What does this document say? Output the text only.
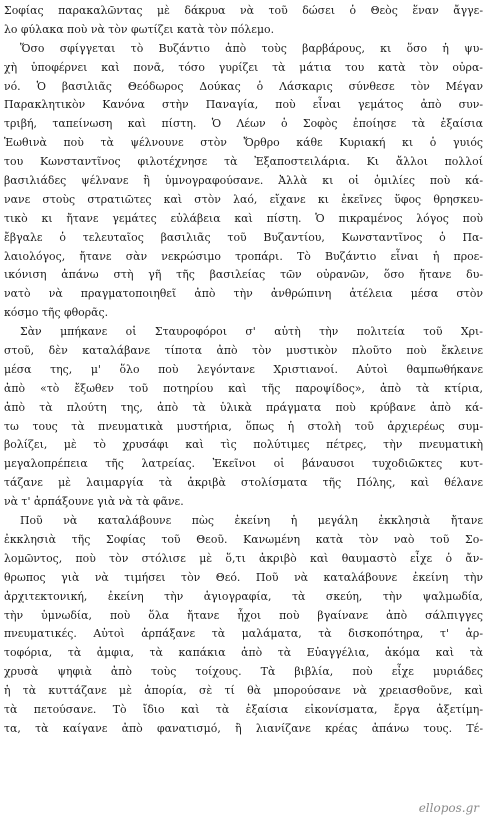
Σοφίας παρακαλῶντας μὲ δάκρυα νὰ τοῦ δώσει ὁ Θεὸς ἕναν ἄγγε-
λο φύλακα ποὺ νὰ τὸν φωτίζει κατὰ τὸν πόλεμο.
Ὅσο σφίγγεται τὸ Βυζάντιο ἀπὸ τοὺς βαρβάρους, κι ὅσο ἡ ψυ-
χὴ ὑποφέρνει καὶ πονᾶ, τόσο γυρίζει τὰ μάτια του κατὰ τὸν οὐρα-
νό. Ὁ βασιλιᾶς Θεόδωρος Δούκας ὁ Λάσκαρις σύνθεσε τὸν Μέγαν
Παρακλητικὸν Κανόνα στὴν Παναγία, ποὺ εἶναι γεμάτος ἀπὸ συν-
τριβή, ταπείνωση καὶ πίστη. Ὁ Λέων ὁ Σοφὸς ἐποίησε τὰ ἐξαίσια
Ἑωθινὰ ποὺ τὰ ψέλνουνε στὸν Ὄρθρο κάθε Κυριακή κι ὁ γυιός
του Κωνσταντῖνος φιλοτέχνησε τὰ Ἐξαποστειλάρια. Κι ἄλλοι πολλοί
βασιλιάδες ψέλνανε ἢ ὑμνογραφούσανε. Ἀλλὰ κι οἱ ὁμιλίες ποὺ κά-
νανε στοὺς στρατιῶτες καὶ στὸν λαό, εἴχανε κι ἐκεῖνες ὕφος θρησκευ-
τικὸ κι ἤτανε γεμάτες εὐλάβεια καὶ πίστη. Ὁ πικραμένος λόγος ποὺ
ἔβγαλε ὁ τελευταῖος βασιλιᾶς τοῦ Βυζαντίου, Κωνσταντῖνος ὁ Πα-
λαιολόγος, ἤτανε σὰν νεκρώσιμο τροπάρι. Τὸ Βυζάντιο εἶναι ἡ προε-
ικόνιση ἀπάνω στὴ γῆ τῆς βασιλείας τῶν οὐρανῶν, ὅσο ἤτανε δυ-
νατὸ νὰ πραγματοποιηθεῖ ἀπὸ τὴν ἀνθρώπινη ἀτέλεια μέσα στὸν
κόσμο τῆς φθορᾶς.
Σὰν μπήκανε οἱ Σταυροφόροι σ' αὐτὴ τὴν πολιτεία τοῦ Χρι-
στοῦ, δὲν καταλάβανε τίποτα ἀπὸ τὸν μυστικὸν πλοῦτο ποὺ ἔκλεινε
μέσα της, μ' ὅλο ποὺ λεγόντανε Χριστιανοί. Αὐτοὶ θαμπωθήκανε
ἀπὸ «τὸ ἔξωθεν τοῦ ποτηρίου καὶ τῆς παροψίδος», ἀπὸ τὰ κτίρια,
ἀπὸ τὰ πλούτη της, ἀπὸ τὰ ὑλικὰ πράγματα ποὺ κρύβανε ἀπὸ κά-
τω τους τὰ πνευματικὰ μυστήρια, ὅπως ἡ στολὴ τοῦ ἀρχιερέως συμ-
βολίζει, μὲ τὸ χρυσάφι καὶ τὶς πολύτιμες πέτρες, τὴν πνευματικὴ
μεγαλοπρέπεια τῆς λατρείας. Ἐκεῖνοι οἱ βάναυσοι τυχοδιῶκτες κυτ-
τάζανε μὲ λαιμαργία τὰ ἀκριβὰ στολίσματα τῆς Πόλης, καὶ θέλανε
νὰ τ' ἀρπάξουνε γιὰ νὰ τὰ φᾶνε.
Ποῦ νὰ καταλάβουνε πὼς ἐκείνη ἡ μεγάλη ἐκκλησιὰ ἤτανε
ἐκκλησιὰ τῆς Σοφίας τοῦ Θεοῦ. Κανωμένη κατὰ τὸν ναὸ τοῦ Σο-
λομῶντος, ποὺ τὸν στόλισε μὲ ὅ,τι ἀκριβὸ καὶ θαυμαστὸ εἶχε ὁ ἄν-
θρωπος γιὰ νὰ τιμήσει τὸν Θεό. Ποῦ νὰ καταλάβουνε ἐκείνη τὴν
ἀρχιτεκτονική, ἐκείνη τὴν ἁγιογραφία, τὰ σκεύη, τὴν ψαλμωδία,
τὴν ὑμνωδία, ποὺ ὅλα ἤτανε ἦχοι ποὺ βγαίνανε ἀπὸ σάλπιγγες
πνευματικές. Αὐτοὶ ἁρπάξανε τὰ μαλάματα, τὰ δισκοπότηρα, τ' ἀρ-
τοφόρια, τὰ ἀμφια, τὰ καπάκια ἀπὸ τὰ Εὐαγγέλια, ἀκόμα καὶ τὰ
χρυσὰ ψηφιὰ ἀπὸ τοὺς τοίχους. Τὰ βιβλία, ποὺ εἶχε μυριάδες
ἡ τὰ κυττάζανε μὲ ἀπορία, σὲ τί θὰ μπορούσανε νὰ χρειασθοῦνε, καὶ
τὰ πετούσανε. Τὸ ἴδιο καὶ τὰ ἐξαίσια εἰκονίσματα, ἔργα ἀξετίμη-
τα, τὰ καίγανε ἀπὸ φανατισμό, ἢ λιανίζανε κρέας ἀπάνω τους. Τέ-
ellopos.gr
